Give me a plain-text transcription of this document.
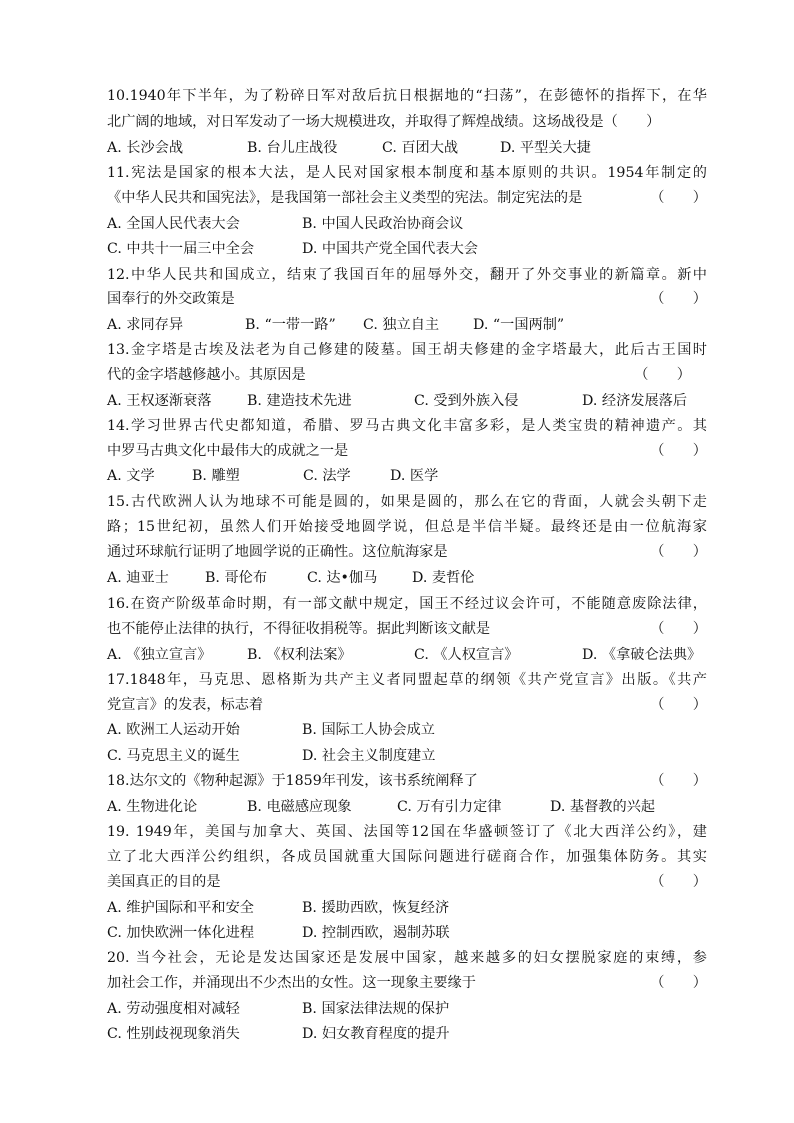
10.1940年下半年，为了粉碎日军对敌后抗日根据地的“扫荡”，在彭德怀的指挥下，在华
北广阔的地域，对日军发动了一场大规模进攻，并取得了辉煌战绩。这场战役是（　　）
A. 长沙会战	B. 台儿庄战役	C. 百团大战	D. 平型关大捷
11.宪法是国家的根本大法，是人民对国家根本制度和基本原则的共识。1954年制定的
《中华人民共和国宪法》，是我国第一部社会主义类型的宪法。制定宪法的是	（　　）
A. 全国人民代表大会	B. 中国人民政治协商会议
C. 中共十一届三中全会	D. 中国共产党全国代表大会
12.中华人民共和国成立，结束了我国百年的屈辱外交，翻开了外交事业的新篇章。新中
国奉行的外交政策是	（　　）
A. 求同存异	B. “一带一路” C. 独立自主 D. “一国两制”
13.金字塔是古埃及法老为自己修建的陵墓。国王胡夫修建的金字塔最大，此后古王国时
代的金字塔越修越小。其原因是	（　　）
A. 王权逐渐衰落	B. 建造技术先进	C. 受到外族入侵	D. 经济发展落后
14.学习世界古代史都知道，希腊、罗马古典文化丰富多彩，是人类宝贵的精神遗产。其
中罗马古典文化中最伟大的成就之一是	（　　）
A. 文学	B. 雕塑	C. 法学	D. 医学
15.古代欧洲人认为地球不可能是圆的，如果是圆的，那么在它的背面，人就会头朝下走
路；15世纪初，虽然人们开始接受地圆学说，但总是半信半疑。最终还是由一位航海家
通过环球航行证明了地圆学说的正确性。这位航海家是	（　　）
A. 迪亚士	B. 哥伦布	C. 达•伽马 D. 麦哲伦
16.在资产阶级革命时期，有一部文献中规定，国王不经过议会许可，不能随意废除法律，
也不能停止法律的执行，不得征收捐税等。据此判断该文献是	（　　）
A. 《独立宣言》	B. 《权利法案》	C. 《人权宣言》	D. 《拿破仑法典》
17.1848年，马克思、恩格斯为共产主义者同盟起草的纲领《共产党宣言》出版。《共产
党宣言》的发表，标志着	（　　）
A. 欧洲工人运动开始	B. 国际工人协会成立
C. 马克思主义的诞生	D. 社会主义制度建立
18.达尔文的《物种起源》于1859年刊发，该书系统阐释了	（　　）
A. 生物进化论	B. 电磁感应现象	C. 万有引力定律	D. 基督教的兴起
19. 1949年，美国与加拿大、英国、法国等12国在华盛顿签订了《北大西洋公约》，建
立了北大西洋公约组织，各成员国就重大国际问题进行磋商合作，加强集体防务。其实
美国真正的目的是	（　　）
A. 维护国际和平和安全	B. 援助西欧，恢复经济
C. 加快欧洲一体化进程	D. 控制西欧，遏制苏联
20. 当今社会，无论是发达国家还是发展中国家，越来越多的妇女摆脱家庭的束缚，参
加社会工作，并涌现出不少杰出的女性。这一现象主要缘于	（　　）
A. 劳动强度相对减轻	B. 国家法律法规的保护
C. 性别歧视现象消失	D. 妇女教育程度的提升
